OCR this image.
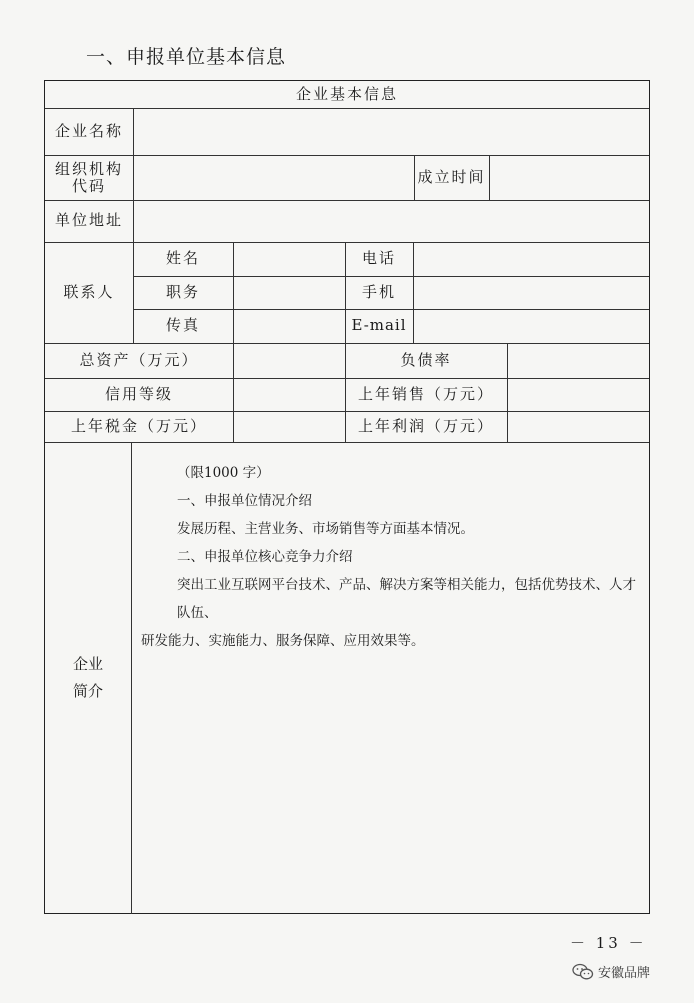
一、申报单位基本信息
企业基本信息
企业名称
组织机构
代码	成立时间
单位地址
联系人
姓名	电话
职务	手机
传真	E-mail
总资产（万元）	负债率
信用等级	上年销售（万元）
上年税金（万元）	上年利润（万元）
企业
简介

（限1000 字）

一、申报单位情况介绍

发展历程、主营业务、市场销售等方面基本情况。

二、申报单位核心竞争力介绍

突出工业互联网平台技术、产品、解决方案等相关能力，包括优势技术、人才队伍、

研发能力、实施能力、服务保障、应用效果等。

－ 13 －
安徽品牌
